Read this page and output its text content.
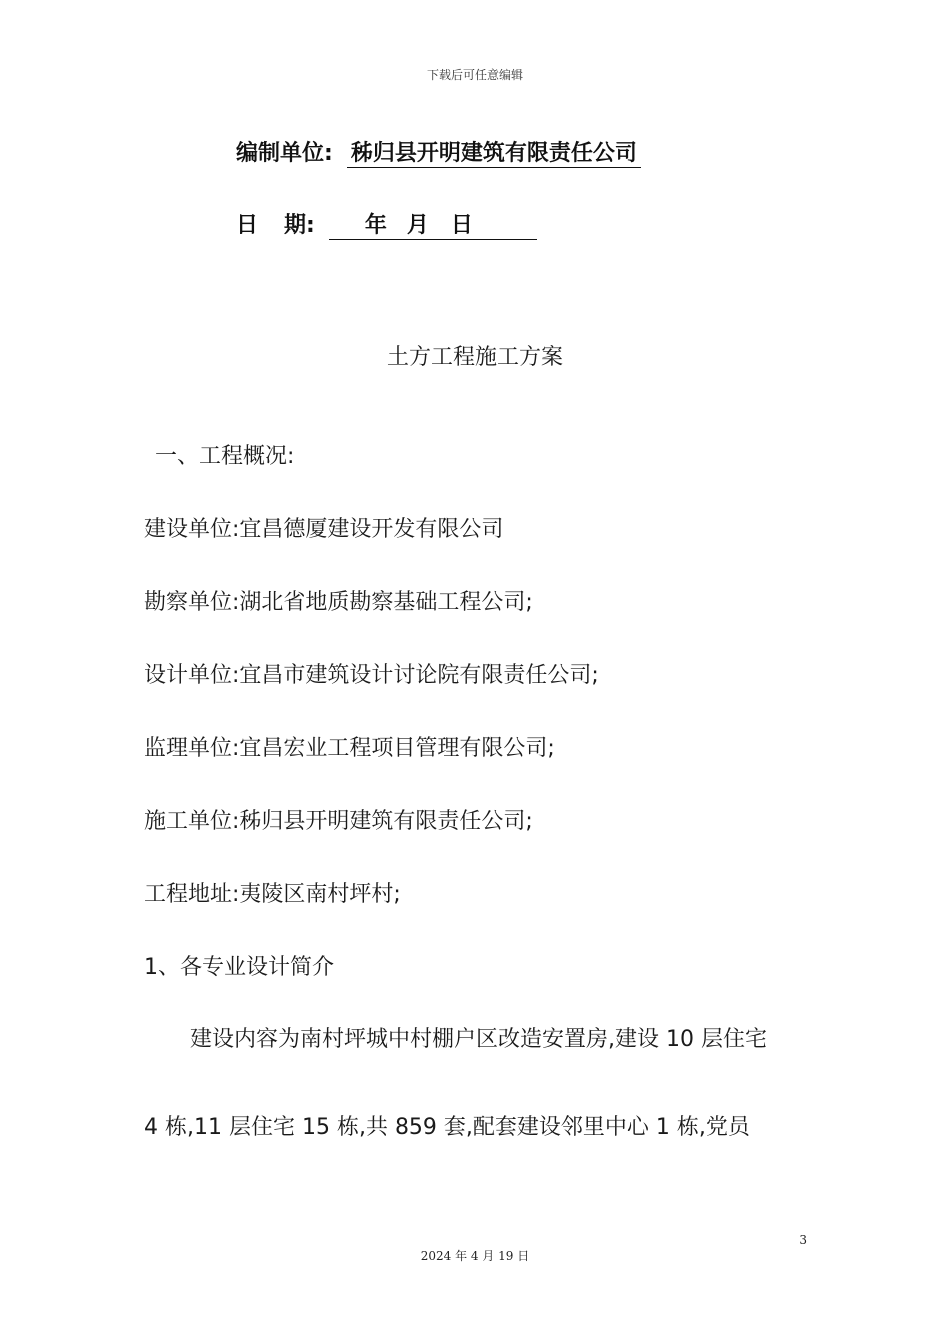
下载后可任意编辑
编制单位: 秭归县开明建筑有限责任公司
日 期: 年 月 日
土方工程施工方案
一、工程概况:
建设单位:宜昌德厦建设开发有限公司
勘察单位:湖北省地质勘察基础工程公司;
设计单位:宜昌市建筑设计讨论院有限责任公司;
监理单位:宜昌宏业工程项目管理有限公司;
施工单位:秭归县开明建筑有限责任公司;
工程地址:夷陵区南村坪村;
1、各专业设计简介
建设内容为南村坪城中村棚户区改造安置房,建设 10 层住宅
4 栋,11 层住宅 15 栋,共 859 套,配套建设邻里中心 1 栋,党员
3
2024 年 4 月 19 日
